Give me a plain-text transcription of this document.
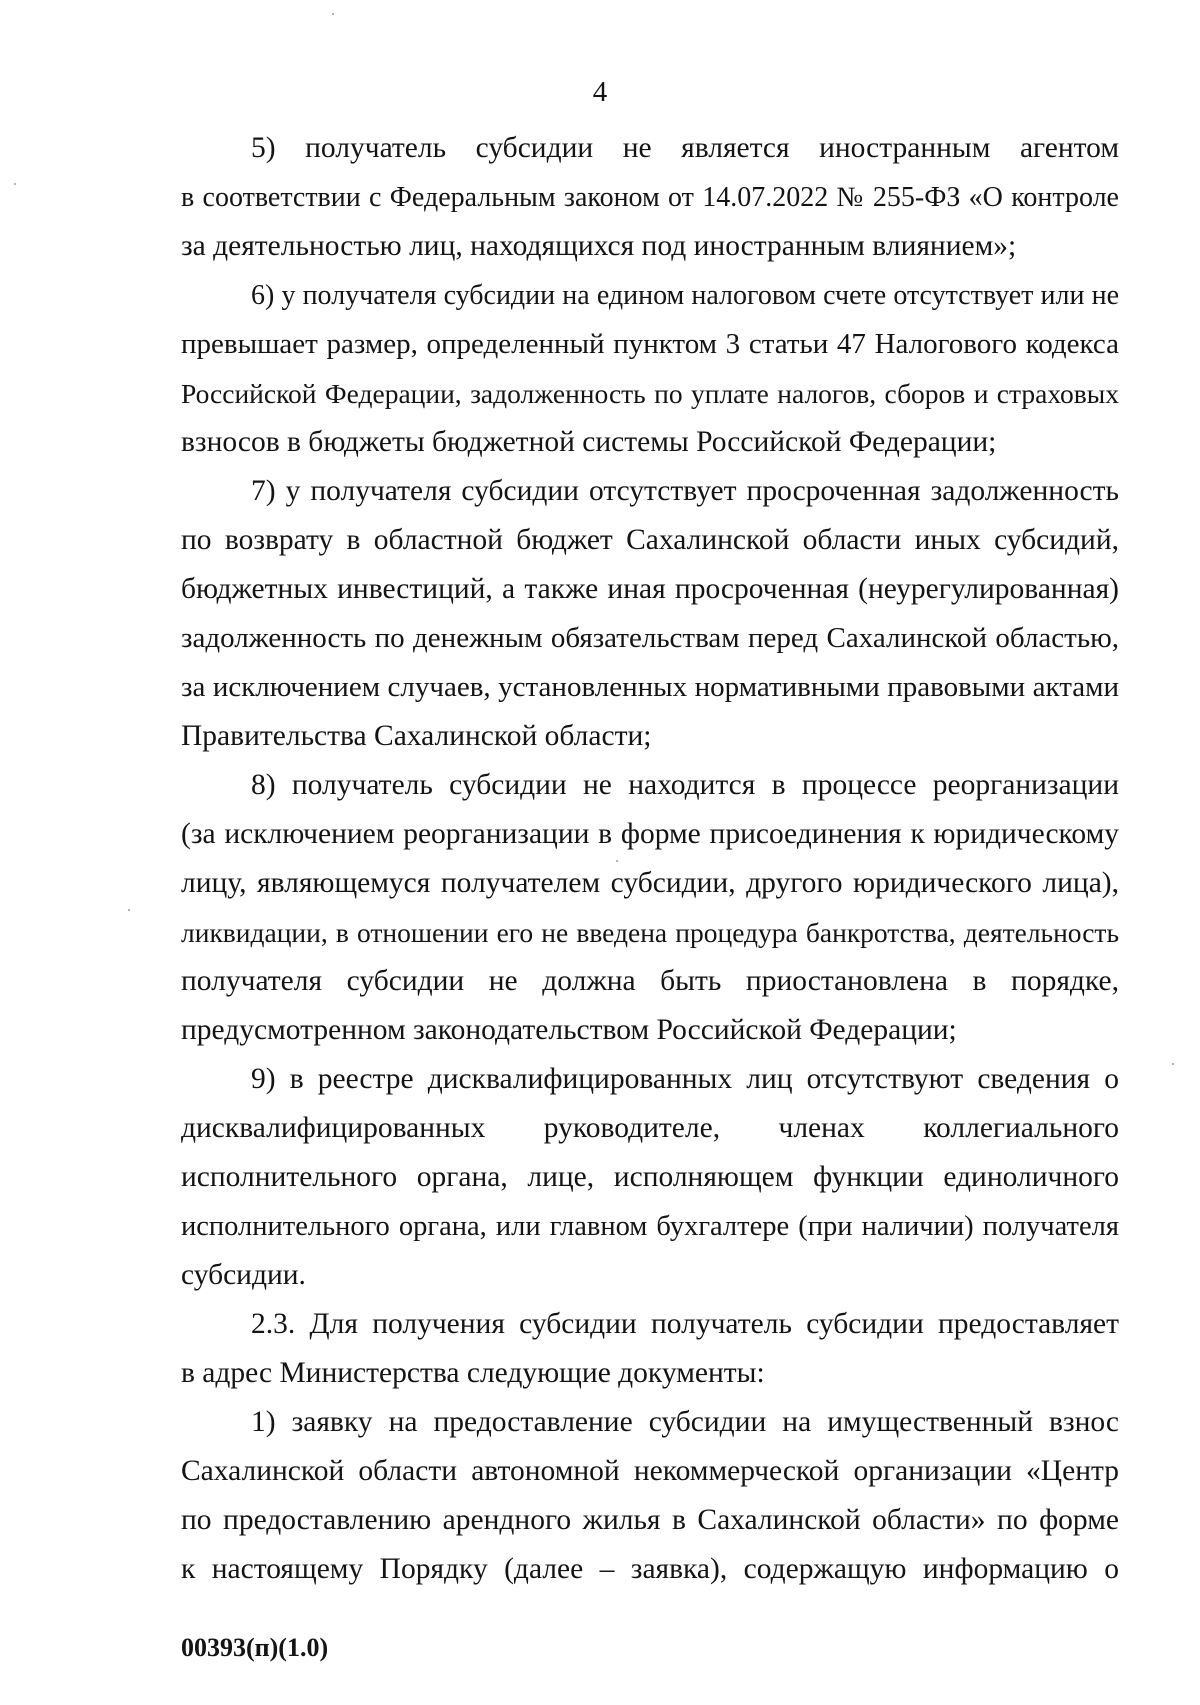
4
5) получатель субсидии не является иностранным агентом
в соответствии с Федеральным законом от 14.07.2022 № 255-ФЗ «О контроле
за деятельностью лиц, находящихся под иностранным влиянием»;
6) у получателя субсидии на едином налоговом счете отсутствует или не
превышает размер, определенный пунктом 3 статьи 47 Налогового кодекса
Российской Федерации, задолженность по уплате налогов, сборов и страховых
взносов в бюджеты бюджетной системы Российской Федерации;
7) у получателя субсидии отсутствует просроченная задолженность
по возврату в областной бюджет Сахалинской области иных субсидий,
бюджетных инвестиций, а также иная просроченная (неурегулированная)
задолженность по денежным обязательствам перед Сахалинской областью,
за исключением случаев, установленных нормативными правовыми актами
Правительства Сахалинской области;
8) получатель субсидии не находится в процессе реорганизации
(за исключением реорганизации в форме присоединения к юридическому
лицу, являющемуся получателем субсидии, другого юридического лица),
ликвидации, в отношении его не введена процедура банкротства, деятельность
получателя субсидии не должна быть приостановлена в порядке,
предусмотренном законодательством Российской Федерации;
9) в реестре дисквалифицированных лиц отсутствуют сведения о
дисквалифицированных руководителе, членах коллегиального
исполнительного органа, лице, исполняющем функции единоличного
исполнительного органа, или главном бухгалтере (при наличии) получателя
субсидии.
2.3. Для получения субсидии получатель субсидии предоставляет
в адрес Министерства следующие документы:
1) заявку на предоставление субсидии на имущественный взнос
Сахалинской области автономной некоммерческой организации «Центр
по предоставлению арендного жилья в Сахалинской области» по форме
к настоящему Порядку (далее – заявка), содержащую информацию о
00393(п)(1.0)
